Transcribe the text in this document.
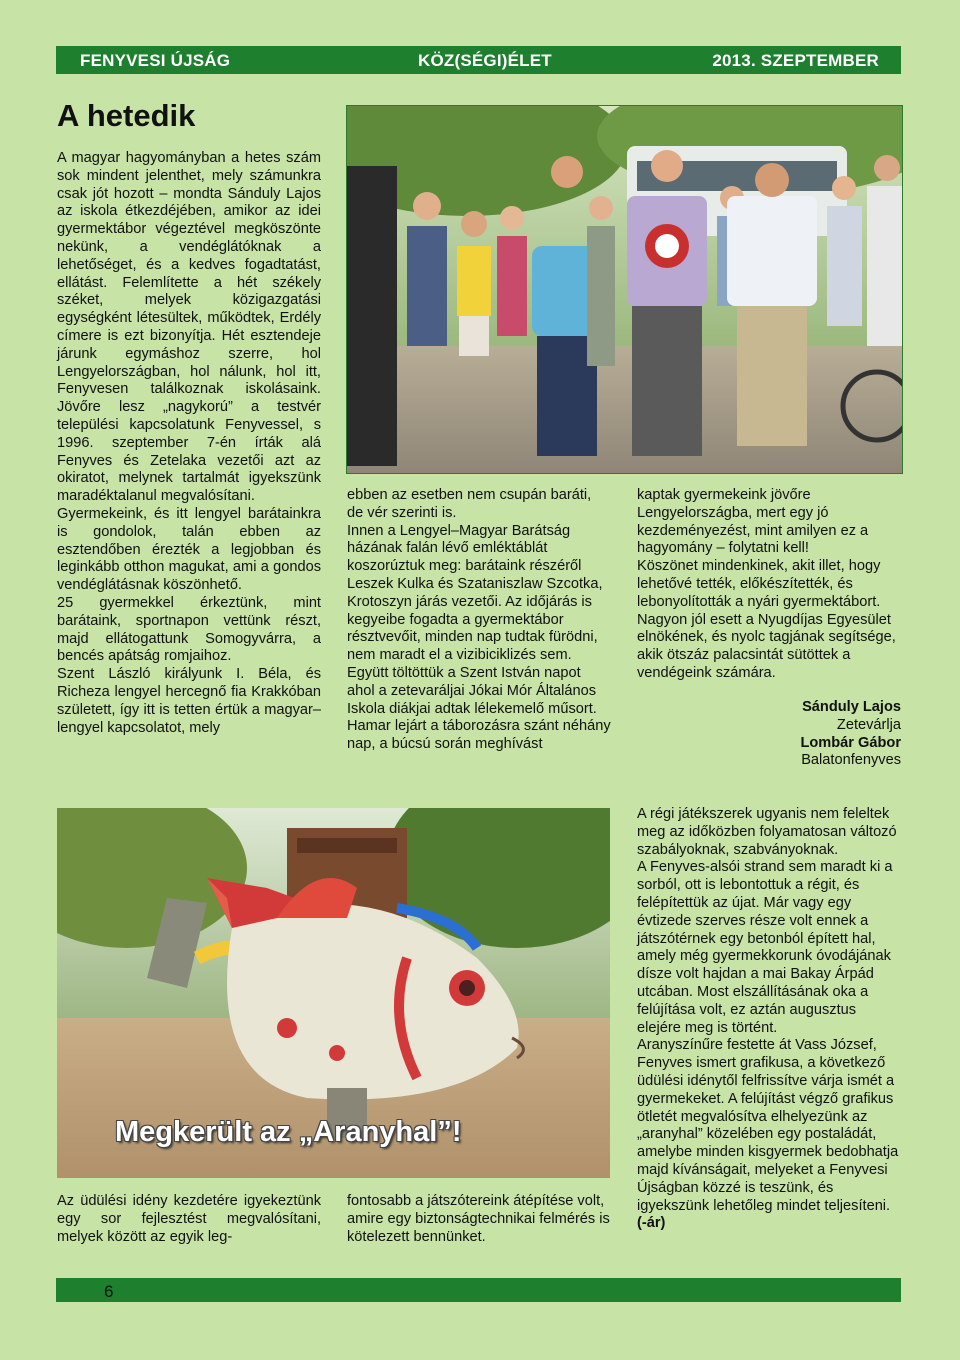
FENYVESI ÚJSÁG	KÖZ(SÉGI)ÉLET	2013. SZEPTEMBER
A hetedik

A magyar hagyományban a hetes szám sok mindent jelenthet, mely számunkra csak jót hozott – mondta Sánduly Lajos az iskola étkezdéjében, amikor az idei gyermektábor végeztével megköszönte nekünk, a vendéglátóknak a lehetőséget, és a kedves fogadtatást, ellátást. Felemlítette a hét székely széket, melyek közigazgatási egységként létesültek, működtek, Erdély címere is ezt bizonyítja. Hét esztendeje járunk egymáshoz szerre, hol Lengyelországban, hol nálunk, hol itt, Fenyvesen találkoznak iskolásaink. Jövőre lesz „nagykorú” a testvér települési kapcsolatunk Fenyvessel, s 1996. szeptember 7-én írták alá Fenyves és Zetelaka vezetői azt az okiratot, melynek tartalmát igyekszünk maradéktalanul megvalósítani.

Gyermekeink, és itt lengyel barátainkra is gondolok, talán ebben az esztendőben érezték a legjobban és leginkább otthon magukat, ami a gondos vendéglátásnak köszönhető.

25 gyermekkel érkeztünk, mint barátaink, sportnapon vettünk részt, majd ellátogattunk Somogyvárra, a bencés apátság romjaihoz.

Szent László királyunk I. Béla, és Richeza lengyel hercegnő fia Krakkóban született, így itt is tetten értük a magyar–lengyel kapcsolatot, mely

ebben az esetben nem csupán baráti, de vér szerinti is.

Innen a Lengyel–Magyar Barátság házának falán lévő emléktáblát koszorúztuk meg: barátaink részéről Leszek Kulka és Szataniszlaw Szcotka, Krotoszyn járás vezetői. Az időjárás is kegyeibe fogadta a gyermektábor résztvevőit, minden nap tudtak fürödni, nem maradt el a vizibiciklizés sem. Együtt töltöttük a Szent István napot ahol a zetevaráljai Jókai Mór Általános Iskola diákjai adtak lélekemelő műsort.

Hamar lejárt a táborozásra szánt néhány nap, a búcsú során meghívást

kaptak gyermekeink jövőre Lengyelországba, mert egy jó kezdeményezést, mint amilyen ez a hagyomány – folytatni kell!

Köszönet mindenkinek, akit illet, hogy lehetővé tették, előkészítették, és lebonyolították a nyári gyermektábort. Nagyon jól esett a Nyugdíjas Egyesület elnökének, és nyolc tagjának segítsége, akik ötszáz palacsintát sütöttek a vendégeink számára.

Sánduly Lajos
Zetevárlja
Lombár Gábor
Balatonfenyves
Megkerült az „Aranyhal”!

Az üdülési idény kezdetére igyekeztünk egy sor fejlesztést megvalósítani, melyek között az egyik leg-

fontosabb a játszótereink átépítése volt, amire egy biztonságtechnikai felmérés is kötelezett bennünket.

A régi játékszerek ugyanis nem feleltek meg az időközben folyamatosan változó szabályoknak, szabványoknak.

A Fenyves-alsói strand sem maradt ki a sorból, ott is lebontottuk a régit, és felépítettük az újat. Már vagy egy évtizede szerves része volt ennek a játszótérnek egy betonból épített hal, amely még gyermekkorunk óvodájának dísze volt hajdan a mai Bakay Árpád utcában. Most elszállításának oka a felújítása volt, ez aztán augusztus elejére meg is történt.

Aranyszínűre festette át Vass József, Fenyves ismert grafikusa, a következő üdülési idénytől felfrissítve várja ismét a gyermekeket. A felújítást végző grafikus ötletét megvalósítva elhelyezünk az „aranyhal” közelében egy postaládát, amelybe minden kisgyermek bedobhatja majd kívánságait, melyeket a Fenyvesi Újságban közzé is teszünk, és igyekszünk lehetőleg mindet teljesíteni. (-ár)

6
